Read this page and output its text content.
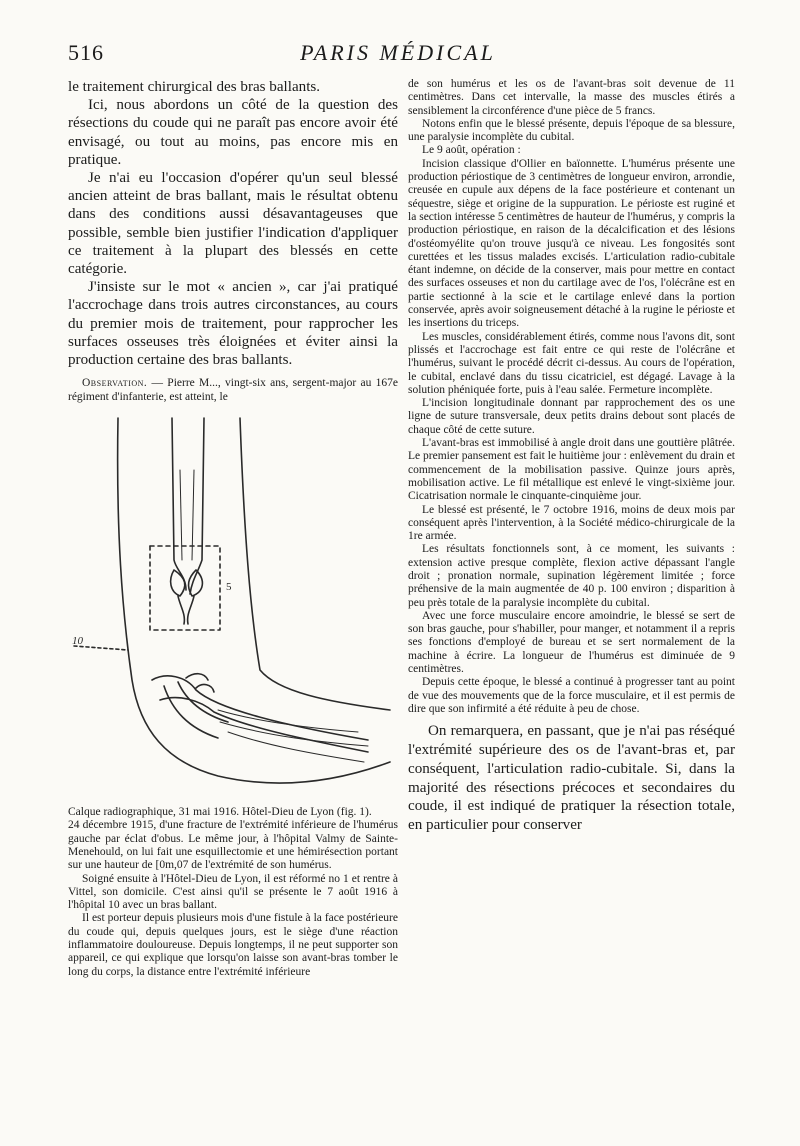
516	PARIS MÉDICAL

le traitement chirurgical des bras ballants.

Ici, nous abordons un côté de la question des résections du coude qui ne paraît pas encore avoir été envisagé, ou tout au moins, pas encore mis en pratique.

Je n'ai eu l'occasion d'opérer qu'un seul blessé ancien atteint de bras ballant, mais le résultat obtenu dans des conditions aussi désavantageuses que possible, semble bien justifier l'indication d'appliquer ce traitement à la plupart des blessés en cette catégorie.

J'insiste sur le mot « ancien », car j'ai pratiqué l'accrochage dans trois autres circonstances, au cours du premier mois de traitement, pour rapprocher les surfaces osseuses très éloignées et éviter ainsi la production certaine des bras ballants.

Observation. — Pierre M..., vingt-six ans, sergent-major au 167e régiment d'infanterie, est atteint, le

5
10

Calque radiographique, 31 mai 1916. Hôtel-Dieu de Lyon (fig. 1).

24 décembre 1915, d'une fracture de l'extrémité inférieure de l'humérus gauche par éclat d'obus. Le même jour, à l'hôpital Valmy de Sainte-Menehould, on lui fait une esquillectomie et une hémirésection portant sur une hauteur de [0m,07 de l'extrémité de son humérus.

Soigné ensuite à l'Hôtel-Dieu de Lyon, il est réformé no 1 et rentre à Vittel, son domicile. C'est ainsi qu'il se présente le 7 août 1916 à l'hôpital 10 avec un bras ballant.

Il est porteur depuis plusieurs mois d'une fistule à la face postérieure du coude qui, depuis quelques jours, est le siège d'une réaction inflammatoire douloureuse. Depuis longtemps, il ne peut supporter son appareil, ce qui explique que lorsqu'on laisse son avant-bras tomber le long du corps, la distance entre l'extrémité inférieure

de son humérus et les os de l'avant-bras soit devenue de 11 centimètres. Dans cet intervalle, la masse des muscles étirés a sensiblement la circonférence d'une pièce de 5 francs.

Notons enfin que le blessé présente, depuis l'époque de sa blessure, une paralysie incomplète du cubital.

Le 9 août, opération :

Incision classique d'Ollier en baïonnette. L'humérus présente une production périostique de 3 centimètres de longueur environ, arrondie, creusée en cupule aux dépens de la face postérieure et contenant un séquestre, siège et origine de la suppuration. Le périoste est ruginé et la section intéresse 5 centimètres de hauteur de l'humérus, y compris la production périostique, en raison de la décalcification et des lésions d'ostéomyélite qu'on trouve jusqu'à ce niveau. Les fongosités sont curettées et les tissus malades excisés. L'articulation radio-cubitale étant indemne, on décide de la conserver, mais pour mettre en contact des surfaces osseuses et non du cartilage avec de l'os, l'olécrâne est en partie sectionné à la scie et le cartilage enlevé dans la portion conservée, après avoir soigneusement détaché à la rugine le périoste et les insertions du triceps.

Les muscles, considérablement étirés, comme nous l'avons dit, sont plissés et l'accrochage est fait entre ce qui reste de l'olécrâne et l'humérus, suivant le procédé décrit ci-dessus. Au cours de l'opération, le cubital, enclavé dans du tissu cicatriciel, est dégagé. Lavage à la solution phéniquée forte, puis à l'eau salée. Fermeture incomplète.

L'incision longitudinale donnant par rapprochement des os une ligne de suture transversale, deux petits drains debout sont placés de chaque côté de cette suture.

L'avant-bras est immobilisé à angle droit dans une gouttière plâtrée. Le premier pansement est fait le huitième jour : enlèvement du drain et commencement de la mobilisation passive. Quinze jours après, mobilisation active. Le fil métallique est enlevé le vingt-sixième jour. Cicatrisation normale le cinquante-cinquième jour.

Le blessé est présenté, le 7 octobre 1916, moins de deux mois par conséquent après l'intervention, à la Société médico-chirurgicale de la 1re armée.

Les résultats fonctionnels sont, à ce moment, les suivants : extension active presque complète, flexion active dépassant l'angle droit ; pronation normale, supination légèrement limitée ; force préhensive de la main augmentée de 40 p. 100 environ ; disparition à peu près totale de la paralysie incomplète du cubital.

Avec une force musculaire encore amoindrie, le blessé se sert de son bras gauche, pour s'habiller, pour manger, et notamment il a repris ses fonctions d'employé de bureau et se sert normalement de la machine à écrire. La longueur de l'humérus est diminuée de 9 centimètres.

Depuis cette époque, le blessé a continué à progresser tant au point de vue des mouvements que de la force musculaire, et il est permis de dire que son infirmité a été réduite à peu de chose.

On remarquera, en passant, que je n'ai pas réséqué l'extrémité supérieure des os de l'avant-bras et, par conséquent, l'articulation radio-cubitale. Si, dans la majorité des résections précoces et secondaires du coude, il est indiqué de pratiquer la résection totale, en particulier pour conserver
